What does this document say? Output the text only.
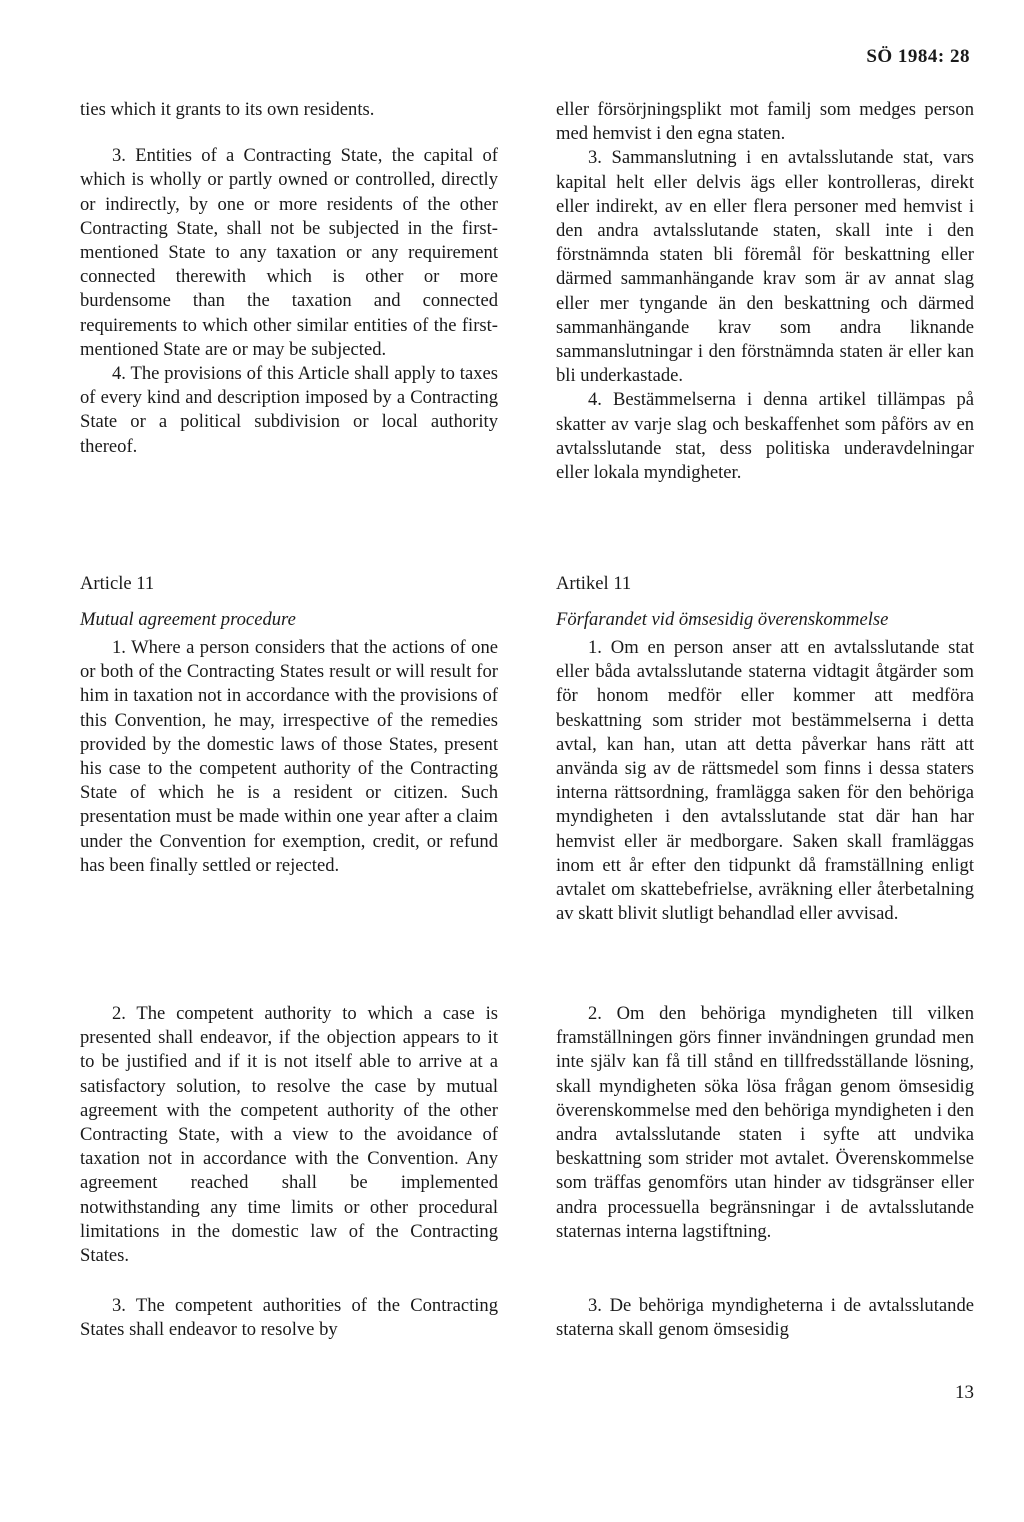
SÖ 1984: 28

ties which it grants to its own residents.

3. Entities of a Contracting State, the capital of which is wholly or partly owned or controlled, directly or indirectly, by one or more residents of the other Contracting State, shall not be subjected in the first-mentioned State to any taxation or any requirement connected therewith which is other or more burdensome than the taxation and connected requirements to which other similar entities of the first-mentioned State are or may be subjected.

4. The provisions of this Article shall apply to taxes of every kind and description imposed by a Contracting State or a political subdivision or local authority thereof.

eller försörjningsplikt mot familj som medges person med hemvist i den egna staten.

3. Sammanslutning i en avtalsslutande stat, vars kapital helt eller delvis ägs eller kontrolleras, direkt eller indirekt, av en eller flera personer med hemvist i den andra avtalsslutande staten, skall inte i den förstnämnda staten bli föremål för beskattning eller därmed sammanhängande krav som är av annat slag eller mer tyngande än den beskattning och därmed sammanhängande krav som andra liknande sammanslutningar i den förstnämnda staten är eller kan bli underkastade.

4. Bestämmelserna i denna artikel tillämpas på skatter av varje slag och beskaffenhet som påförs av en avtalsslutande stat, dess politiska underavdelningar eller lokala myndigheter.

Article 11
Mutual agreement procedure
Artikel 11
Förfarandet vid ömsesidig överenskommelse

1. Where a person considers that the actions of one or both of the Contracting States result or will result for him in taxation not in accordance with the provisions of this Convention, he may, irrespective of the remedies provided by the domestic laws of those States, present his case to the competent authority of the Contracting State of which he is a resident or citizen. Such presentation must be made within one year after a claim under the Convention for exemption, credit, or refund has been finally settled or rejected.

1. Om en person anser att en avtalsslutande stat eller båda avtalsslutande staterna vidtagit åtgärder som för honom medför eller kommer att medföra beskattning som strider mot bestämmelserna i detta avtal, kan han, utan att detta påverkar hans rätt att använda sig av de rättsmedel som finns i dessa staters interna rättsordning, framlägga saken för den behöriga myndigheten i den avtalsslutande stat där han har hemvist eller är medborgare. Saken skall framläggas inom ett år efter den tidpunkt då framställning enligt avtalet om skattebefrielse, avräkning eller återbetalning av skatt blivit slutligt behandlad eller avvisad.

2. The competent authority to which a case is presented shall endeavor, if the objection appears to it to be justified and if it is not itself able to arrive at a satisfactory solution, to resolve the case by mutual agreement with the competent authority of the other Contracting State, with a view to the avoidance of taxation not in accordance with the Convention. Any agreement reached shall be implemented notwithstanding any time limits or other procedural limitations in the domestic law of the Contracting States.

2. Om den behöriga myndigheten till vilken framställningen görs finner invändningen grundad men inte själv kan få till stånd en tillfredsställande lösning, skall myndigheten söka lösa frågan genom ömsesidig överenskommelse med den behöriga myndigheten i den andra avtalsslutande staten i syfte att undvika beskattning som strider mot avtalet. Överenskommelse som träffas genomförs utan hinder av tidsgränser eller andra processuella begränsningar i de avtalsslutande staternas interna lagstiftning.

3. The competent authorities of the Contracting States shall endeavor to resolve by

3. De behöriga myndigheterna i de avtalsslutande staterna skall genom ömsesidig

13
